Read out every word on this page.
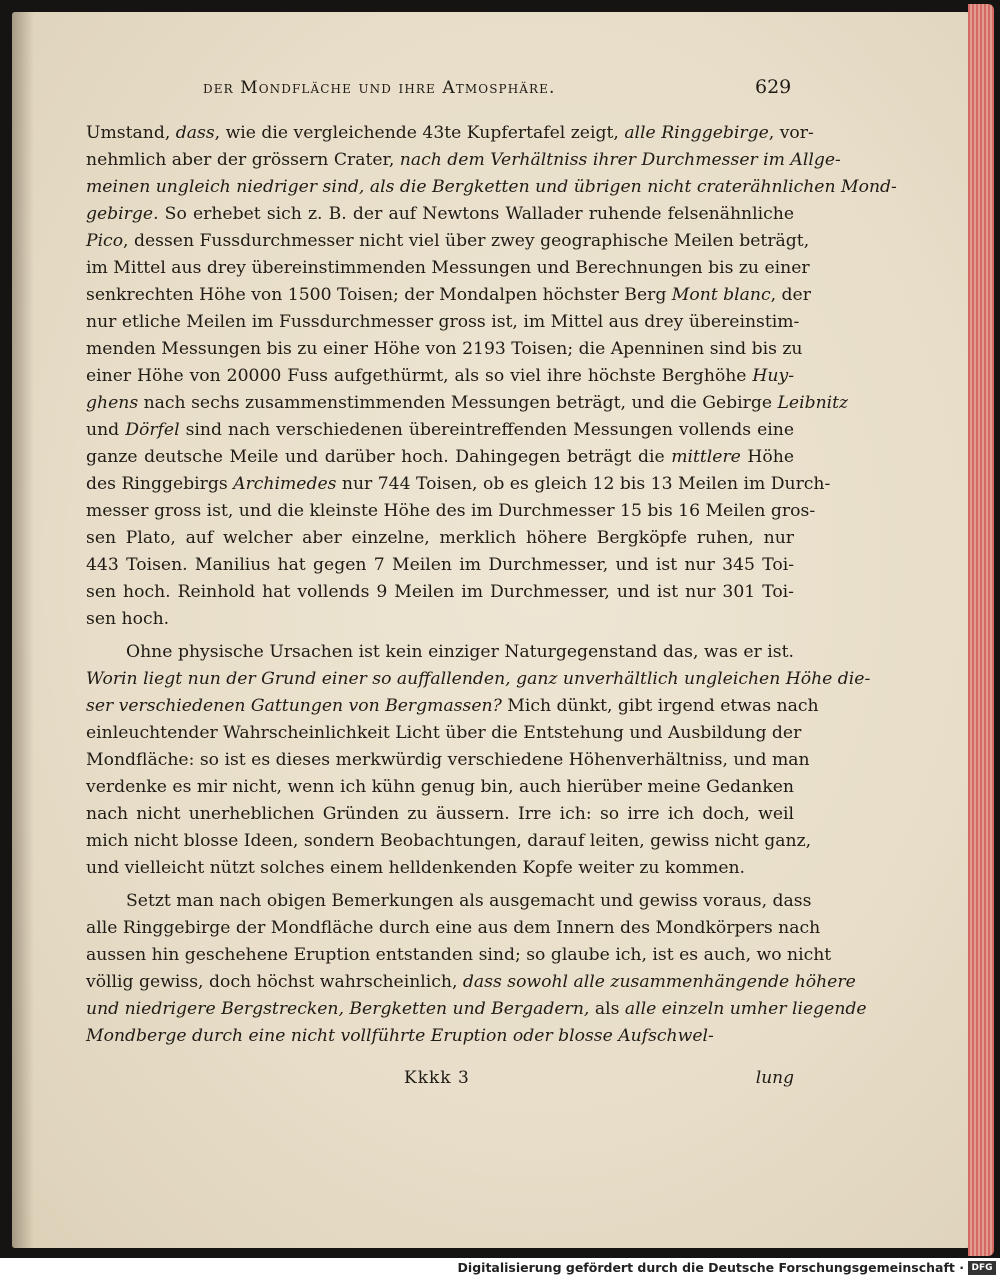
der Mondfläche und ihre Atmosphäre.	629
Umstand, dass, wie die vergleichende 43te Kupfertafel zeigt, alle Ringgebirge, vor-
nehmlich aber der grössern Crater, nach dem Verhältniss ihrer Durchmesser im Allge-
meinen ungleich niedriger sind, als die Bergketten und übrigen nicht craterähnlichen Mond-
gebirge. So erhebet sich z. B. der auf Newtons Wallader ruhende felsenähnliche
Pico, dessen Fussdurchmesser nicht viel über zwey geographische Meilen beträgt,
im Mittel aus drey übereinstimmenden Messungen und Berechnungen bis zu einer
senkrechten Höhe von 1500 Toisen; der Mondalpen höchster Berg Mont blanc, der
nur etliche Meilen im Fussdurchmesser gross ist, im Mittel aus drey übereinstim-
menden Messungen bis zu einer Höhe von 2193 Toisen; die Apenninen sind bis zu
einer Höhe von 20000 Fuss aufgethürmt, als so viel ihre höchste Berghöhe Huy-
ghens nach sechs zusammenstimmenden Messungen beträgt, und die Gebirge Leibnitz
und Dörfel sind nach verschiedenen übereintreffenden Messungen vollends eine
ganze deutsche Meile und darüber hoch. Dahingegen beträgt die mittlere Höhe
des Ringgebirgs Archimedes nur 744 Toisen, ob es gleich 12 bis 13 Meilen im Durch-
messer gross ist, und die kleinste Höhe des im Durchmesser 15 bis 16 Meilen gros-
sen Plato, auf welcher aber einzelne, merklich höhere Bergköpfe ruhen, nur
443 Toisen. Manilius hat gegen 7 Meilen im Durchmesser, und ist nur 345 Toi-
sen hoch. Reinhold hat vollends 9 Meilen im Durchmesser, und ist nur 301 Toi-
sen hoch.
Ohne physische Ursachen ist kein einziger Naturgegenstand das, was er ist.
Worin liegt nun der Grund einer so auffallenden, ganz unverhältlich ungleichen Höhe die-
ser verschiedenen Gattungen von Bergmassen? Mich dünkt, gibt irgend etwas nach
einleuchtender Wahrscheinlichkeit Licht über die Entstehung und Ausbildung der
Mondfläche: so ist es dieses merkwürdig verschiedene Höhenverhältniss, und man
verdenke es mir nicht, wenn ich kühn genug bin, auch hierüber meine Gedanken
nach nicht unerheblichen Gründen zu äussern. Irre ich: so irre ich doch, weil
mich nicht blosse Ideen, sondern Beobachtungen, darauf leiten, gewiss nicht ganz,
und vielleicht nützt solches einem helldenkenden Kopfe weiter zu kommen.
Setzt man nach obigen Bemerkungen als ausgemacht und gewiss voraus, dass
alle Ringgebirge der Mondfläche durch eine aus dem Innern des Mondkörpers nach
aussen hin geschehene Eruption entstanden sind; so glaube ich, ist es auch, wo nicht
völlig gewiss, doch höchst wahrscheinlich, dass sowohl alle zusammenhängende höhere
und niedrigere Bergstrecken, Bergketten und Bergadern, als alle einzeln umher liegende
Mondberge durch eine nicht vollführte Eruption oder blosse Aufschwel-
Kkkk 3	lung
Digitalisierung gefördert durch die Deutsche Forschungsgemeinschaft · DFG
